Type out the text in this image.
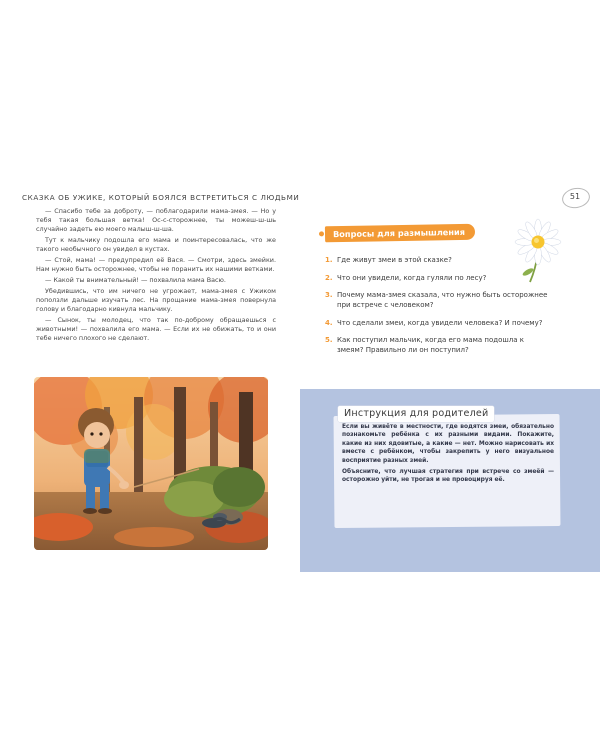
СКАЗКА ОБ УЖИКЕ, КОТОРЫЙ БОЯЛСЯ ВСТРЕТИТЬСЯ С ЛЮДЬМИ	51

— Спасибо тебе за доброту, — поблагодарили мама-змея. — Но у тебя такая большая ветка! Ос-с-сторожнее, ты можеш-ш-шь случайно задеть ею моего малыш-ш-ша.

Тут к мальчику подошла его мама и поинтересовалась, что же такого необычного он увидел в кустах.

— Стой, мама! — предупредил её Вася. — Смотри, здесь змейки. Нам нужно быть осторожнее, чтобы не поранить их нашими ветками.

— Какой ты внимательный! — похвалила мама Васю.

Убедившись, что им ничего не угрожает, мама-змея с Ужиком поползли дальше изучать лес. На прощание мама-змея повернула голову и благодарно кивнула мальчику.

— Сынок, ты молодец, что так по-доброму обращаешься с животными! — похвалила его мама. — Если их не обижать, то и они тебе ничего плохого не сделают.

Вопросы для размышления
1. Где живут змеи в этой сказке?
2. Что они увидели, когда гуляли по лесу?
3. Почему мама-змея сказала, что нужно быть осторожнее при встрече с человеком?
4. Что сделали змеи, когда увидели человека? И почему?
5. Как поступил мальчик, когда его мама подошла к змеям? Правильно ли он поступил?
Инструкция для родителей

Если вы живёте в местности, где водятся змеи, обязательно познакомьте ребёнка с их разными видами. Покажите, какие из них ядовитые, а какие — нет. Можно нарисовать их вместе с ребёнком, чтобы закрепить у него визуальное восприятие разных змей.

Объясните, что лучшая стратегия при встрече со змеёй — осторожно уйти, не трогая и не провоцируя её.
